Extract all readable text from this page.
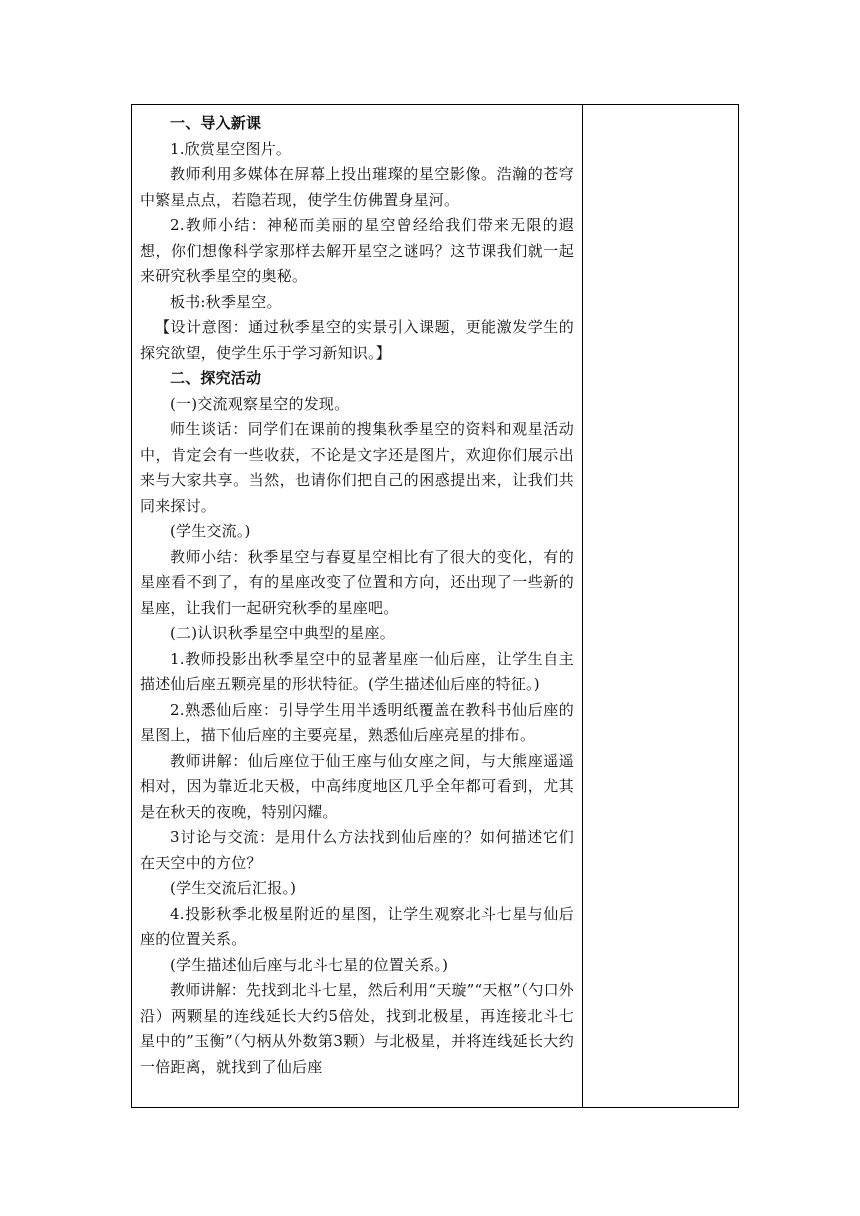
一、导入新课

1.欣赏星空图片。

教师利用多媒体在屏幕上投出璀璨的星空影像。浩瀚的苍穹中繁星点点，若隐若现，使学生仿佛置身星河。

2.教师小结：神秘而美丽的星空曾经给我们带来无限的遐想，你们想像科学家那样去解开星空之谜吗？这节课我们就一起来研究秋季星空的奥秘。

板书:秋季星空。

【设计意图：通过秋季星空的实景引入课题，更能激发学生的探究欲望，使学生乐于学习新知识。】

二、探究活动

(一)交流观察星空的发现。

师生谈话：同学们在课前的搜集秋季星空的资料和观星活动中，肯定会有一些收获，不论是文字还是图片，欢迎你们展示出来与大家共享。当然，也请你们把自己的困惑提出来，让我们共同来探讨。

(学生交流。)

教师小结：秋季星空与春夏星空相比有了很大的变化，有的星座看不到了，有的星座改变了位置和方向，还出现了一些新的星座，让我们一起研究秋季的星座吧。

(二)认识秋季星空中典型的星座。

1.教师投影出秋季星空中的显著星座一仙后座，让学生自主描述仙后座五颗亮星的形状特征。(学生描述仙后座的特征。)

2.熟悉仙后座：引导学生用半透明纸覆盖在教科书仙后座的星图上，描下仙后座的主要亮星，熟悉仙后座亮星的排布。

教师讲解：仙后座位于仙王座与仙女座之间，与大熊座遥遥相对，因为靠近北天极，中高纬度地区几乎全年都可看到，尤其是在秋天的夜晚，特别闪耀。

3讨论与交流：是用什么方法找到仙后座的？如何描述它们在天空中的方位？

(学生交流后汇报。)

4.投影秋季北极星附近的星图，让学生观察北斗七星与仙后座的位置关系。

(学生描述仙后座与北斗七星的位置关系。)

教师讲解：先找到北斗七星，然后利用“天璇”“天枢”（勺口外沿）两颗星的连线延长大约5倍处，找到北极星，再连接北斗七星中的”玉衡”（勺柄从外数第3颗）与北极星，并将连线延长大约一倍距离，就找到了仙后座
